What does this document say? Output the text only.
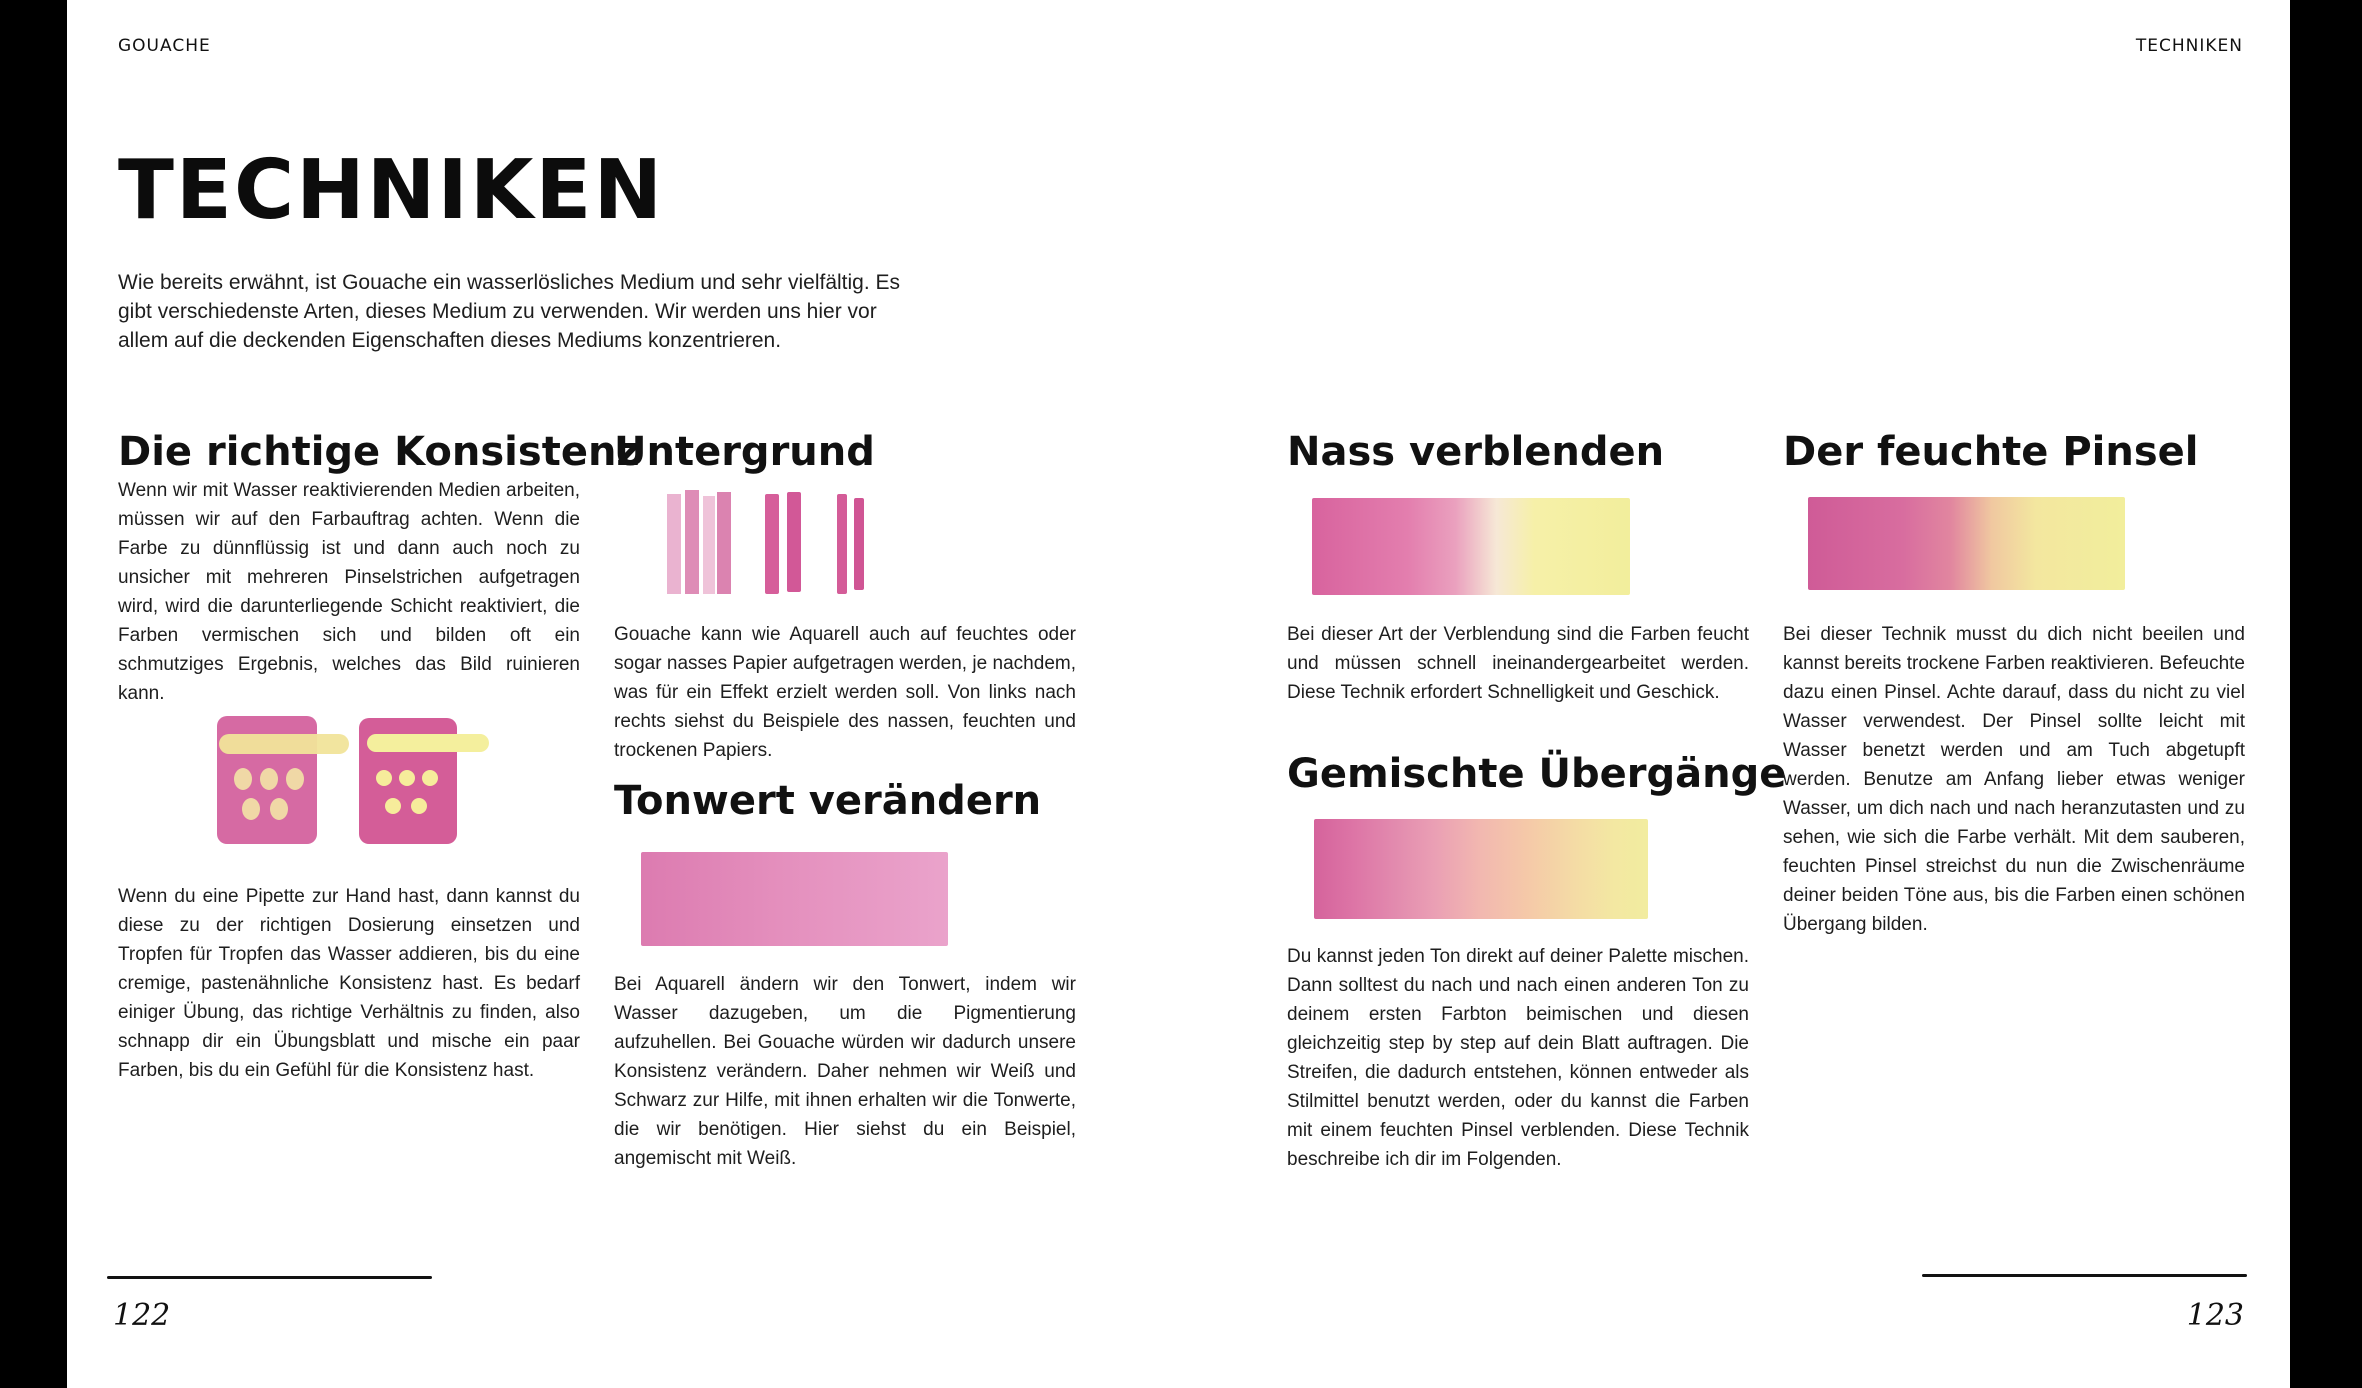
GOUACHE	TECHNIKEN
TECHNIKEN

Wie bereits erwähnt, ist Gouache ein wasserlösliches Medium und sehr vielfältig. Es gibt verschiedenste Arten, dieses Medium zu verwenden. Wir werden uns hier vor allem auf die deckenden Eigenschaften dieses Mediums konzentrieren.

Die richtige Konsistenz

Wenn wir mit Wasser reaktivierenden Medien arbeiten, müssen wir auf den Farbauftrag achten. Wenn die Farbe zu dünnflüssig ist und dann auch noch zu unsicher mit mehreren Pinselstrichen aufgetragen wird, wird die darunterliegende Schicht reaktiviert, die Farben vermischen sich und bilden oft ein schmutziges Ergebnis, welches das Bild ruinieren kann.

Wenn du eine Pipette zur Hand hast, dann kannst du diese zu der richtigen Dosierung einsetzen und Tropfen für Tropfen das Wasser addieren, bis du eine cremige, pastenähnliche Konsistenz hast. Es bedarf einiger Übung, das richtige Verhältnis zu finden, also schnapp dir ein Übungsblatt und mische ein paar Farben, bis du ein Gefühl für die Konsistenz hast.

Untergrund

Gouache kann wie Aquarell auch auf feuchtes oder sogar nasses Papier aufgetragen werden, je nachdem, was für ein Effekt erzielt werden soll. Von links nach rechts siehst du Beispiele des nassen, feuchten und trockenen Papiers.

Tonwert verändern

Bei Aquarell ändern wir den Tonwert, indem wir Wasser dazugeben, um die Pigmentierung aufzuhellen. Bei Gouache würden wir dadurch unsere Konsistenz verändern. Daher nehmen wir Weiß und Schwarz zur Hilfe, mit ihnen erhalten wir die Tonwerte, die wir benötigen. Hier siehst du ein Beispiel, angemischt mit Weiß.

Nass verblenden

Bei dieser Art der Verblendung sind die Farben feucht und müssen schnell ineinandergearbeitet werden. Diese Technik erfordert Schnelligkeit und Geschick.

Gemischte Übergänge

Du kannst jeden Ton direkt auf deiner Palette mischen. Dann solltest du nach und nach einen anderen Ton zu deinem ersten Farbton beimischen und diesen gleichzeitig step by step auf dein Blatt auftragen. Die Streifen, die dadurch entstehen, können entweder als Stilmittel benutzt werden, oder du kannst die Farben mit einem feuchten Pinsel verblenden. Diese Technik beschreibe ich dir im Folgenden.

Der feuchte Pinsel

Bei dieser Technik musst du dich nicht beeilen und kannst bereits trockene Farben reaktivieren. Befeuchte dazu einen Pinsel. Achte darauf, dass du nicht zu viel Wasser verwendest. Der Pinsel sollte leicht mit Wasser benetzt werden und am Tuch abgetupft werden. Benutze am Anfang lieber etwas weniger Wasser, um dich nach und nach heranzutasten und zu sehen, wie sich die Farbe verhält. Mit dem sauberen, feuchten Pinsel streichst du nun die Zwischenräume deiner beiden Töne aus, bis die Farben einen schönen Übergang bilden.

122	123
